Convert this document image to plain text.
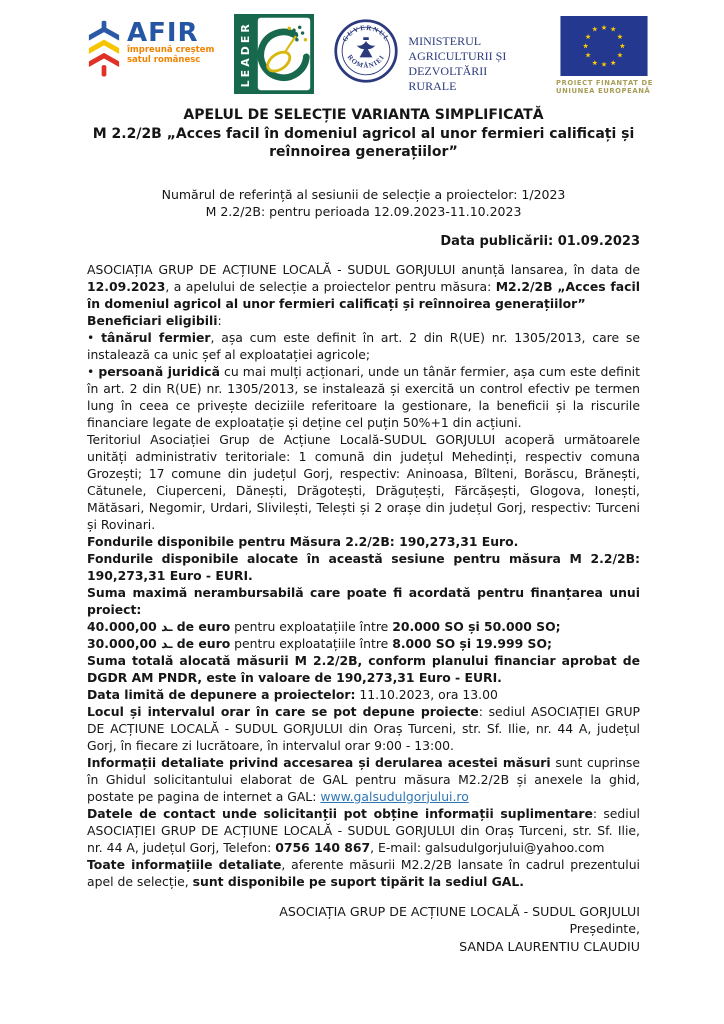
AFIR
împreună creștem
satul românesc	LEADER	GUVERNUL
ROMÂNIEI
MINISTERUL AGRICULTURII ȘI DEZVOLTĂRII RURALE	PROIECT FINANȚAT DE
UNIUNEA EUROPEANĂ
APELUL DE SELECȚIE VARIANTA SIMPLIFICATĂ
M 2.2/2B „Acces facil în domeniul agricol al unor fermieri calificați și reînnoirea generațiilor”
Numărul de referință al sesiunii de selecție a proiectelor: 1/2023
M 2.2/2B: pentru perioada 12.09.2023-11.10.2023
Data publicării: 01.09.2023

ASOCIAȚIA GRUP DE ACȚIUNE LOCALĂ - SUDUL GORJULUI anunță lansarea, în data de 12.09.2023, a apelului de selecție a proiectelor pentru măsura: M2.2/2B „Acces facil în domeniul agricol al unor fermieri calificați și reînnoirea generațiilor”

Beneficiari eligibili:

• tânărul fermier, așa cum este definit în art. 2 din R(UE) nr. 1305/2013, care se instalează ca unic șef al exploatației agricole;

• persoană juridică cu mai mulți acționari, unde un tânăr fermier, așa cum este definit în art. 2 din R(UE) nr. 1305/2013, se instalează și exercită un control efectiv pe termen lung în ceea ce privește deciziile referitoare la gestionare, la beneficii și la riscurile financiare legate de exploatație și deține cel puțin 50%+1 din acțiuni.

Teritoriul Asociației Grup de Acțiune Locală-SUDUL GORJULUI acoperă următoarele unități administrativ teritoriale: 1 comună din județul Mehedinți, respectiv comuna Grozești; 17 comune din județul Gorj, respectiv: Aninoasa, Bîlteni, Borăscu, Brănești, Cătunele, Ciuperceni, Dănești, Drăgotești, Drăguțești, Fărcășești, Glogova, Ionești, Mătăsari, Negomir, Urdari, Slivilești, Telești și 2 orașe din județul Gorj, respectiv: Turceni și Rovinari.

Fondurile disponibile pentru Măsura 2.2/2B: 190,273,31 Euro.

Fondurile disponibile alocate în această sesiune pentru măsura M 2.2/2B: 190,273,31 Euro - EURI.

Suma maximă nerambursabilă care poate fi acordată pentru finanțarea unui proiect:

ـد 40.000,00 de euro pentru exploatațiile între 20.000 SO și 50.000 SO;

ـد 30.000,00 de euro pentru exploatațiile între 8.000 SO și 19.999 SO;

Suma totală alocată măsurii M 2.2/2B, conform planului financiar aprobat de DGDR AM PNDR, este în valoare de 190,273,31 Euro - EURI.

Data limită de depunere a proiectelor: 11.10.2023, ora 13.00

Locul și intervalul orar în care se pot depune proiecte: sediul ASOCIAȚIEI GRUP DE ACȚIUNE LOCALĂ - SUDUL GORJULUI din Oraș Turceni, str. Sf. Ilie, nr. 44 A, județul Gorj, în fiecare zi lucrătoare, în intervalul orar 9:00 - 13:00.

Informații detaliate privind accesarea și derularea acestei măsuri sunt cuprinse în Ghidul solicitantului elaborat de GAL pentru măsura M2.2/2B și anexele la ghid, postate pe pagina de internet a GAL: www.galsudulgorjului.ro

Datele de contact unde solicitanții pot obține informații suplimentare: sediul ASOCIAȚIEI GRUP DE ACȚIUNE LOCALĂ - SUDUL GORJULUI din Oraș Turceni, str. Sf. Ilie, nr. 44 A, județul Gorj, Telefon: 0756 140 867, E-mail: galsudulgorjului@yahoo.com

Toate informațiile detaliate, aferente măsurii M2.2/2B lansate în cadrul prezentului apel de selecție, sunt disponibile pe suport tipărit la sediul GAL.

ASOCIAȚIA GRUP DE ACȚIUNE LOCALĂ - SUDUL GORJULUI
Președinte,
SANDA LAURENTIU CLAUDIU
